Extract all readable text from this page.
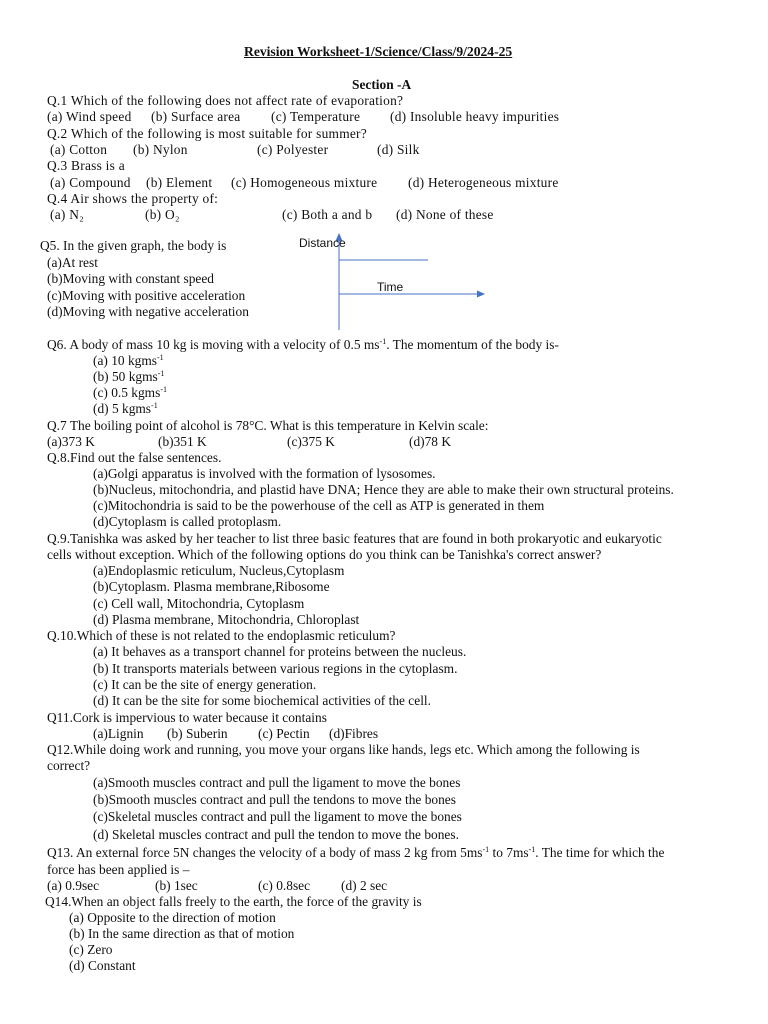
Revision Worksheet-1/Science/Class/9/2024-25
Section -A
Q.1 Which of the following does not affect rate of evaporation?
(a) Wind speed (b) Surface area (c) Temperature (d) Insoluble heavy impurities
Q.2 Which of the following is most suitable for summer?
(a) Cotton (b) Nylon	(c) Polyester	(d) Silk
Q.3 Brass is a
(a) Compound (b) Element (c) Homogeneous mixture (d) Heterogeneous mixture
Q.4 Air shows the property of:
(a) N₂	(b) O₂	(c) Both a and b (d) None of these
Q5. In the given graph, the body is
(a)At rest
(b)Moving with constant speed
(c)Moving with positive acceleration
(d)Moving with negative acceleration
Distance
Time
Q6. A body of mass 10 kg is moving with a velocity of 0.5 $ms^{-1}$. The momentum of the body is-
(a) 10 kgms$^{-1}$
(b) 50 kgms$^{-1}$
(c) 0.5 kgms$^{-1}$
(d) 5 kgms$^{-1}$
Q.7 The boiling point of alcohol is 78°C. What is this temperature in Kelvin scale:
(a)373 K	(b)351 K	(c)375 K	(d)78 K
Q.8.Find out the false sentences.
(a)Golgi apparatus is involved with the formation of lysosomes.
(b)Nucleus, mitochondria, and plastid have DNA; Hence they are able to make their own structural proteins.
(c)Mitochondria is said to be the powerhouse of the cell as ATP is generated in them
(d)Cytoplasm is called protoplasm.
Q.9.Tanishka was asked by her teacher to list three basic features that are found in both prokaryotic and eukaryotic
cells without exception. Which of the following options do you think can be Tanishka's correct answer?
(a)Endoplasmic reticulum, Nucleus,Cytoplasm
(b)Cytoplasm. Plasma membrane,Ribosome
(c) Cell wall, Mitochondria, Cytoplasm
(d) Plasma membrane, Mitochondria, Chloroplast
Q.10.Which of these is not related to the endoplasmic reticulum?
(a) It behaves as a transport channel for proteins between the nucleus.
(b) It transports materials between various regions in the cytoplasm.
(c) It can be the site of energy generation.
(d) It can be the site for some biochemical activities of the cell.
Q11.Cork is impervious to water because it contains
(a)Lignin (b) Suberin (c) Pectin (d)Fibres
Q12.While doing work and running, you move your organs like hands, legs etc. Which among the following is
correct?
(a)Smooth muscles contract and pull the ligament to move the bones
(b)Smooth muscles contract and pull the tendons to move the bones
(c)Skeletal muscles contract and pull the ligament to move the bones
(d) Skeletal muscles contract and pull the tendon to move the bones.
Q13. An external force 5N changes the velocity of a body of mass 2 kg from $5ms^{-1}$ to $7ms^{-1}$. The time for which the
force has been applied is –
(a) 0.9sec	(b) 1sec	(c) 0.8sec (d) 2 sec
Q14.When an object falls freely to the earth, the force of the gravity is
(a) Opposite to the direction of motion
(b) In the same direction as that of motion
(c) Zero
(d) Constant
